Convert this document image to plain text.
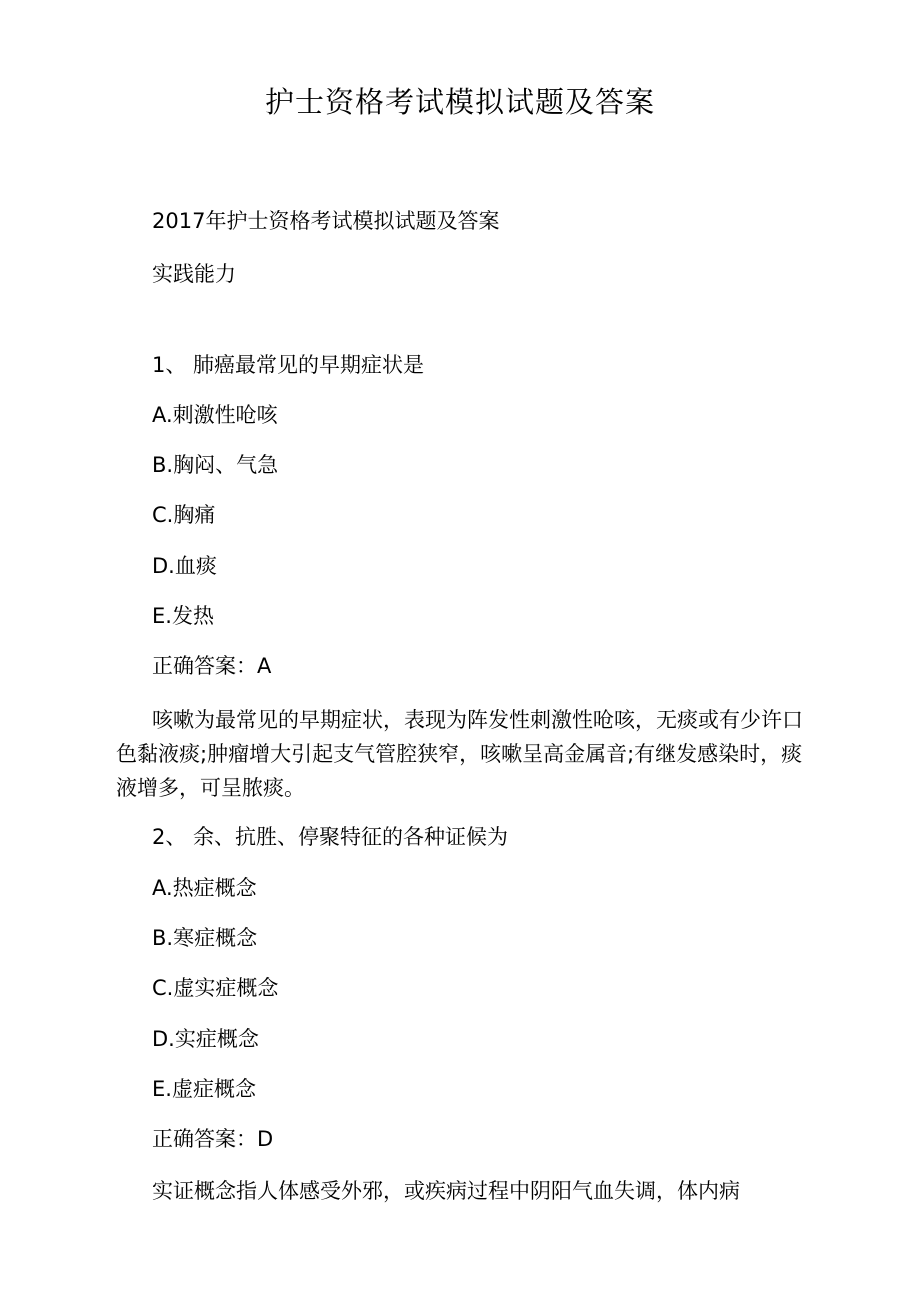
护士资格考试模拟试题及答案
2017年护士资格考试模拟试题及答案
实践能力
1、 肺癌最常见的早期症状是
A.刺激性呛咳
B.胸闷、气急
C.胸痛
D.血痰
E.发热
正确答案：A
咳嗽为最常见的早期症状，表现为阵发性刺激性呛咳，无痰或有少许口色黏液痰;肿瘤增大引起支气管腔狭窄，咳嗽呈高金属音;有继发感染时，痰液增多，可呈脓痰。
2、 余、抗胜、停聚特征的各种证候为
A.热症概念
B.寒症概念
C.虚实症概念
D.实症概念
E.虚症概念
正确答案：D
实证概念指人体感受外邪，或疾病过程中阴阳气血失调，体内病
